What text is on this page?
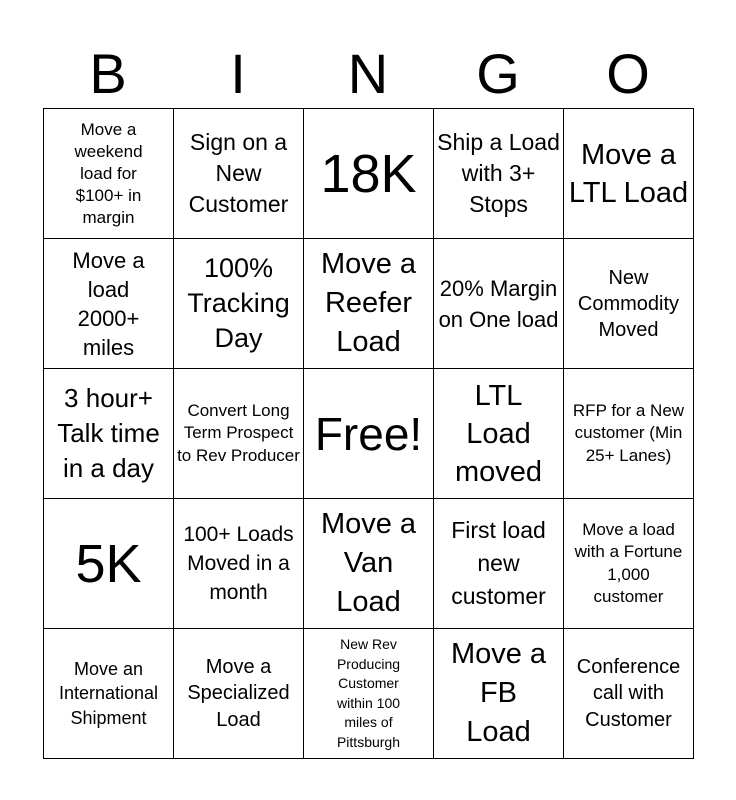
B	I	N	G	O
Move a weekend load for $100+ in margin	Sign on a New Customer	18K	Ship a Load with 3+ Stops	Move a LTL Load

Move a load 2000+ miles	100% Tracking Day	Move a Reefer Load	20% Margin on One load	New Commodity Moved

3 hour+ Talk time in a day	Convert Long Term Prospect to Rev Producer	Free!	LTL Load moved	RFP for a New customer (Min 25+ Lanes)

5K	100+ Loads Moved in a month	Move a Van Load	First load new customer	Move a load with a Fortune 1,000 customer

Move an International Shipment	Move a Specialized Load	New Rev Producing Customer within 100 miles of Pittsburgh	Move a FB Load	Conference call with Customer
